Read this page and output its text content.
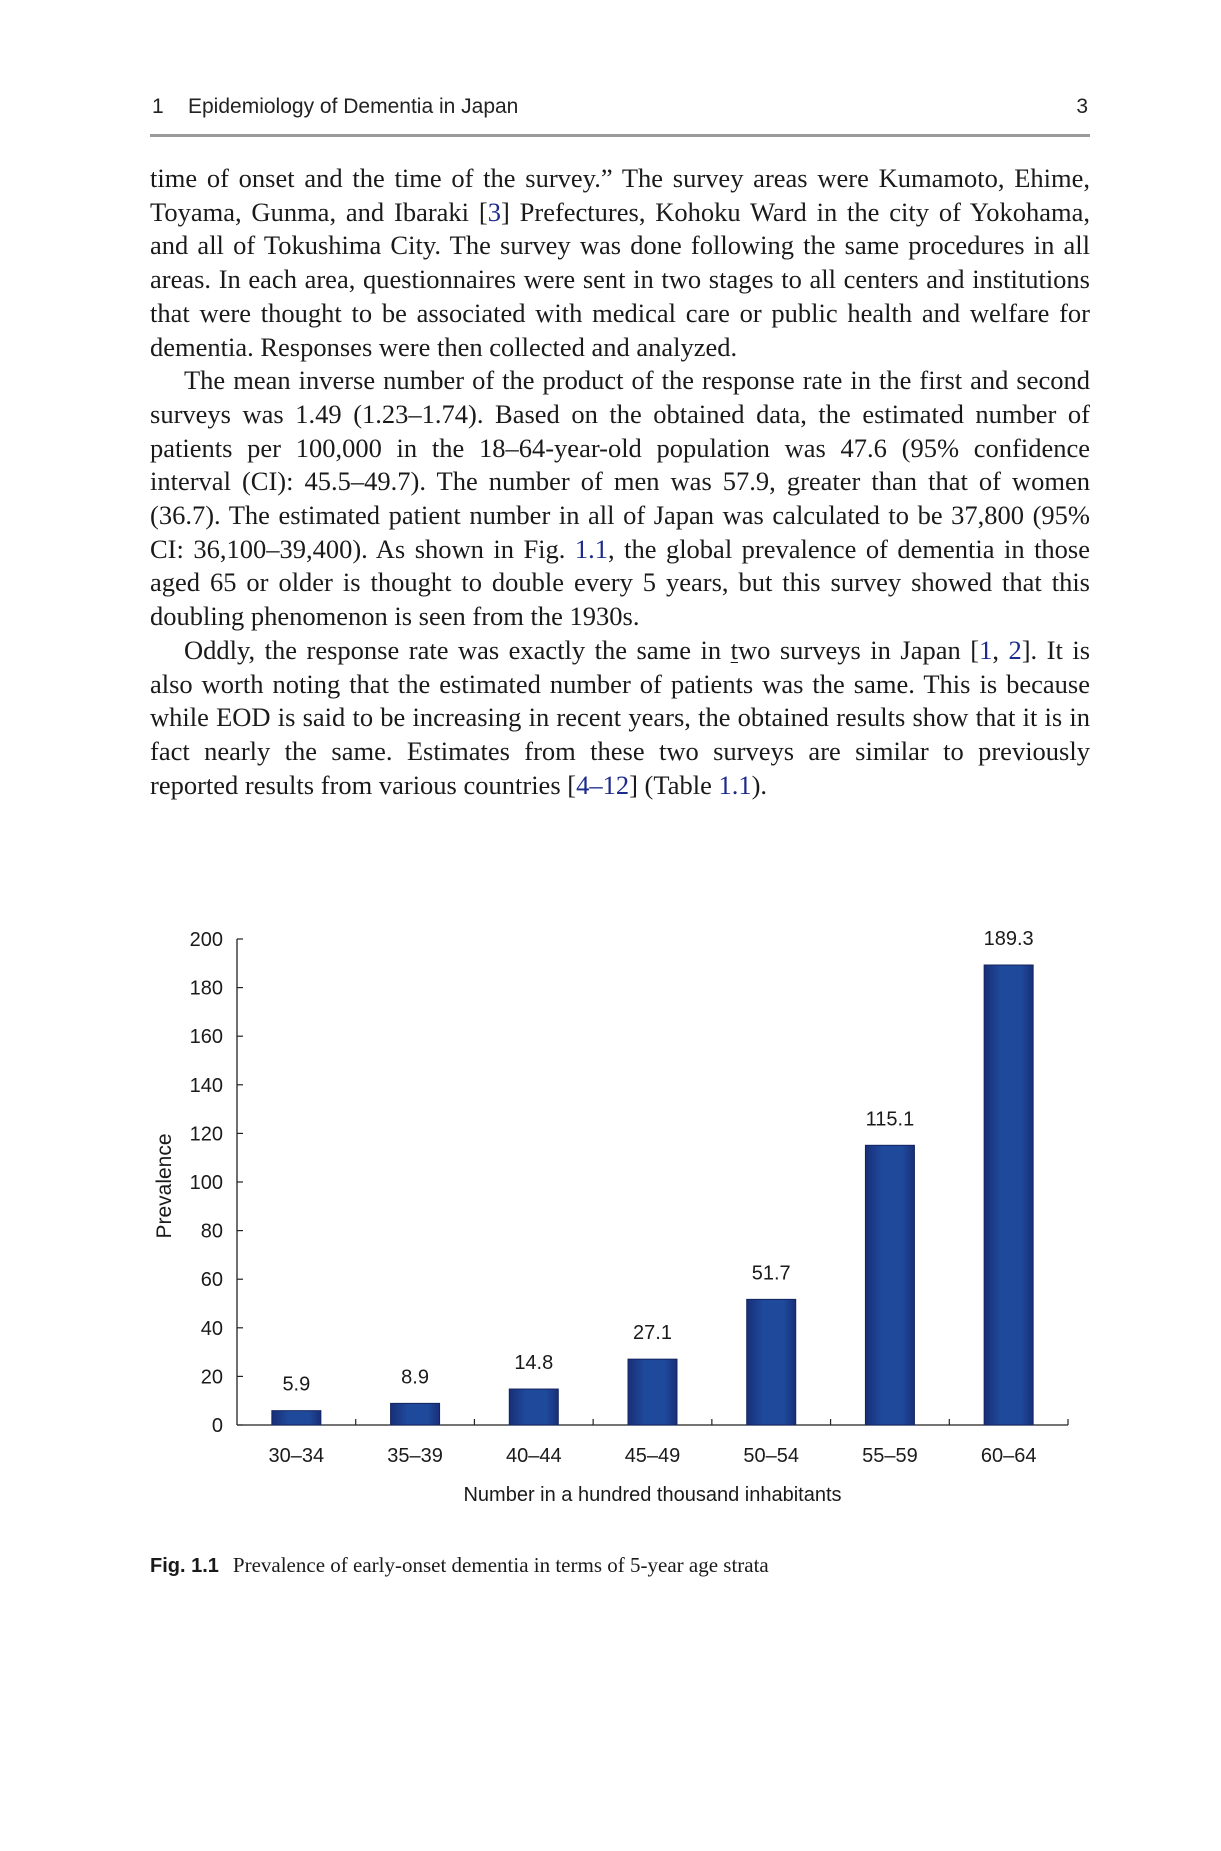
1 Epidemiology of Dementia in Japan	3

time of onset and the time of the survey.” The survey areas were Kumamoto, Ehime, Toyama, Gunma, and Ibaraki [3] Prefectures, Kohoku Ward in the city of Yokohama, and all of Tokushima City. The survey was done following the same procedures in all areas. In each area, questionnaires were sent in two stages to all centers and institutions that were thought to be associated with medical care or public health and welfare for dementia. Responses were then collected and analyzed.

The mean inverse number of the product of the response rate in the first and second surveys was 1.49 (1.23–1.74). Based on the obtained data, the estimated number of patients per 100,000 in the 18–64-year-old population was 47.6 (95% confidence interval (CI): 45.5–49.7). The number of men was 57.9, greater than that of women (36.7). The estimated patient number in all of Japan was calculated to be 37,800 (95% CI: 36,100–39,400). As shown in Fig. 1.1, the global prevalence of dementia in those aged 65 or older is thought to double every 5 years, but this survey showed that this doubling phenomenon is seen from the 1930s.

Oddly, the response rate was exactly the same in two surveys in Japan [1, 2]. It is also worth noting that the estimated number of patients was the same. This is because while EOD is said to be increasing in recent years, the obtained results show that it is in fact nearly the same. Estimates from these two surveys are similar to previously reported results from various countries [4–12] (Table 1.1).

0
20
40
60
80
100
120
140
160
180
200
Prevalence
5.9
30–34
8.9
35–39
14.8
40–44
27.1
45–49
51.7
50–54
115.1
55–59
189.3
60–64
Number in a hundred thousand inhabitants
Fig. 1.1 Prevalence of early-onset dementia in terms of 5-year age strata
